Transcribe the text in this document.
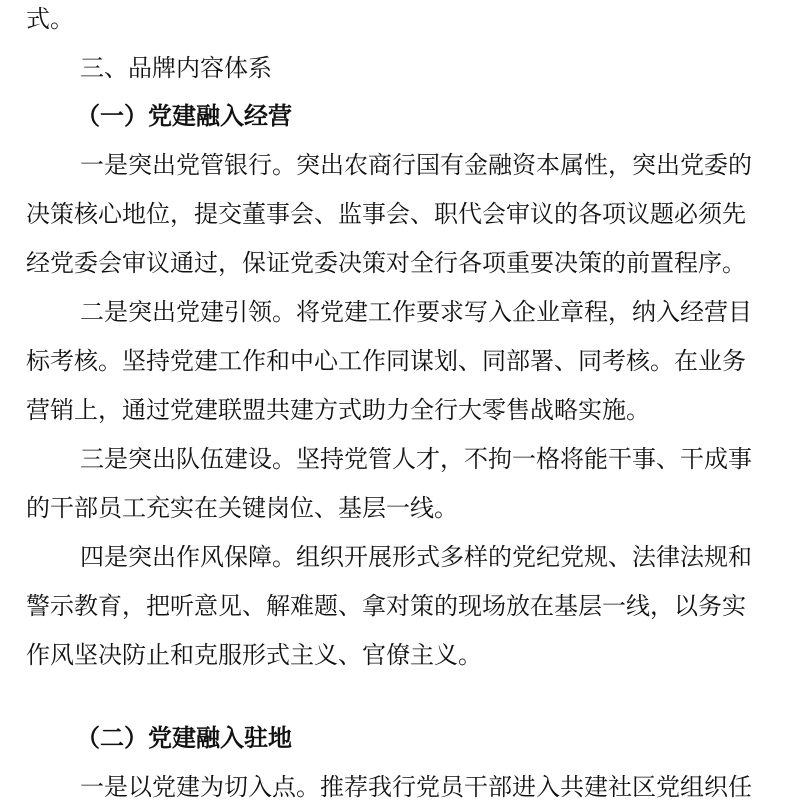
式。
三、品牌内容体系
（一）党建融入经营
一是突出党管银行。突出农商行国有金融资本属性，突出党委的
决策核心地位，提交董事会、监事会、职代会审议的各项议题必须先
经党委会审议通过，保证党委决策对全行各项重要决策的前置程序。
二是突出党建引领。将党建工作要求写入企业章程，纳入经营目
标考核。坚持党建工作和中心工作同谋划、同部署、同考核。在业务
营销上，通过党建联盟共建方式助力全行大零售战略实施。
三是突出队伍建设。坚持党管人才，不拘一格将能干事、干成事
的干部员工充实在关键岗位、基层一线。
四是突出作风保障。组织开展形式多样的党纪党规、法律法规和
警示教育，把听意见、解难题、拿对策的现场放在基层一线，以务实
作风坚决防止和克服形式主义、官僚主义。
（二）党建融入驻地
一是以党建为切入点。推荐我行党员干部进入共建社区党组织任
